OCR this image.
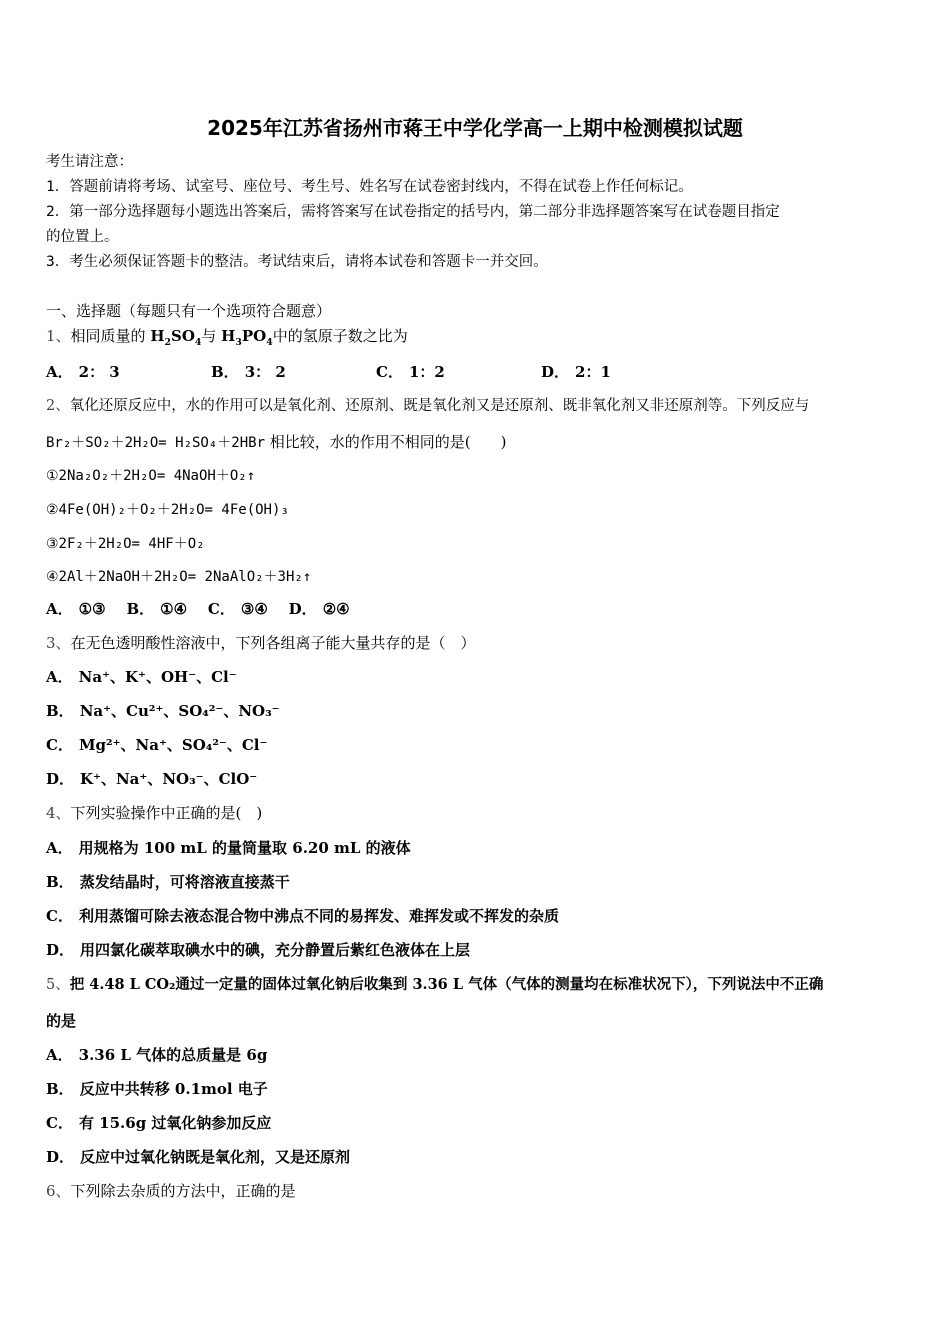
2025年江苏省扬州市蒋王中学化学高一上期中检测模拟试题
考生请注意：
1．答题前请将考场、试室号、座位号、考生号、姓名写在试卷密封线内，不得在试卷上作任何标记。
2．第一部分选择题每小题选出答案后，需将答案写在试卷指定的括号内，第二部分非选择题答案写在试卷题目指定
的位置上。
3．考生必须保证答题卡的整洁。考试结束后，请将本试卷和答题卡一并交回。
一、选择题（每题只有一个选项符合题意）
1、相同质量的 $H_2SO_4$与 $H_3PO_4$中的氢原子数之比为
A． 2： 3	B． 3： 2	C． 1：2	D． 2：1
2、氧化还原反应中，水的作用可以是氧化剂、还原剂、既是氧化剂又是还原剂、既非氧化剂又非还原剂等。下列反应与
Br₂＋SO₂＋2H₂O= H₂SO₄＋2HBr 相比较，水的作用不相同的是(　　)
①2Na₂O₂＋2H₂O= 4NaOH＋O₂↑
②4Fe(OH)₂＋O₂＋2H₂O= 4Fe(OH)₃
③2F₂＋2H₂O= 4HF＋O₂
④2Al＋2NaOH＋2H₂O= 2NaAlO₂＋3H₂↑
A． ①③ B． ①④ C． ③④ D． ②④
3、在无色透明酸性溶液中，下列各组离子能大量共存的是（　）
A． Na⁺、K⁺、OH⁻、Cl⁻
B． Na⁺、Cu²⁺、SO₄²⁻、NO₃⁻
C． Mg²⁺、Na⁺、SO₄²⁻、Cl⁻
D． K⁺、Na⁺、NO₃⁻、ClO⁻
4、下列实验操作中正确的是(　)
A． 用规格为 100 mL 的量筒量取 6.20 mL 的液体
B． 蒸发结晶时，可将溶液直接蒸干
C． 利用蒸馏可除去液态混合物中沸点不同的易挥发、难挥发或不挥发的杂质
D． 用四氯化碳萃取碘水中的碘，充分静置后紫红色液体在上层
5、把 4.48 L CO₂通过一定量的固体过氧化钠后收集到 3.36 L 气体（气体的测量均在标准状况下），下列说法中不正确
的是
A． 3.36 L 气体的总质量是 6g
B． 反应中共转移 0.1mol 电子
C． 有 15.6g 过氧化钠参加反应
D． 反应中过氧化钠既是氧化剂，又是还原剂
6、下列除去杂质的方法中，正确的是
